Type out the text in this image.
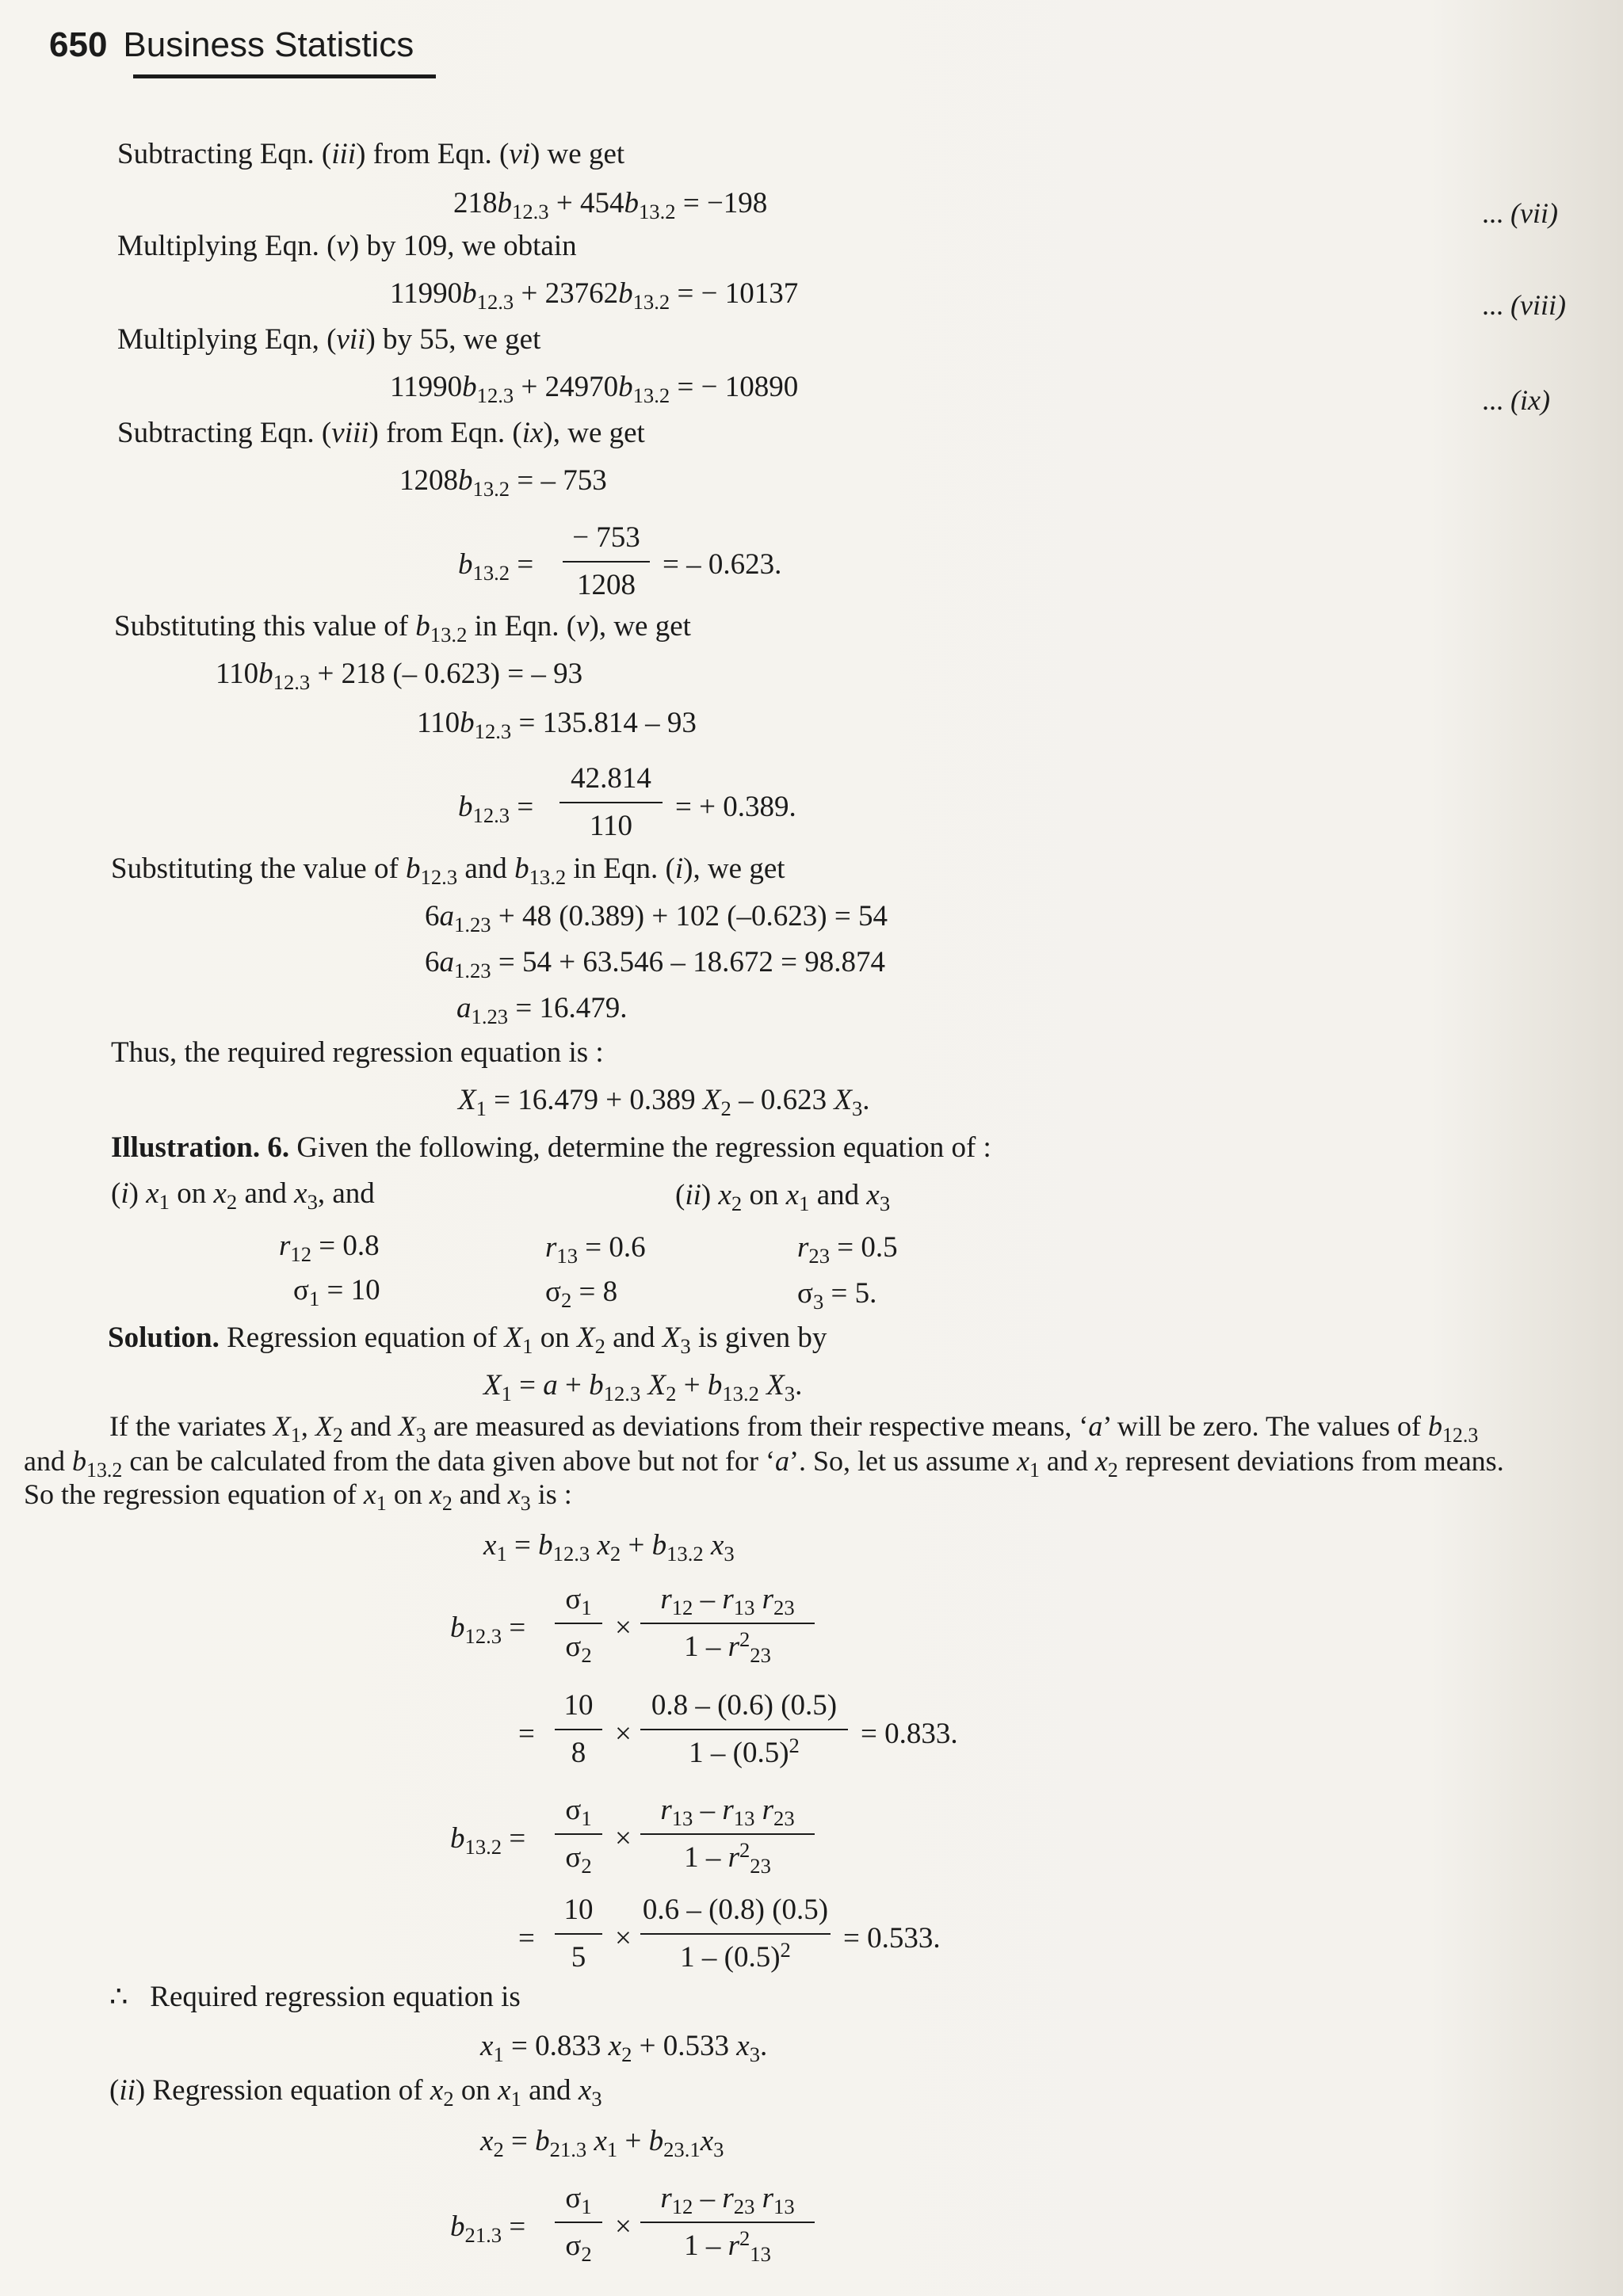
650 Business Statistics
Subtracting Eqn. (iii) from Eqn. (vi) we get
$218b_{12.3} + 454b_{13.2} = -198$	... (vii)
Multiplying Eqn. (v) by 109, we obtain
$11990b_{12.3} + 23762b_{13.2}$ = − 10137	... (viii)
Multiplying Eqn, (vii) by 55, we get
$11990b_{12.3} + 24970b_{13.2}$ = − 10890	... (ix)
Subtracting Eqn. (viii) from Eqn. (ix), we get
$1208b_{13.2}$ = – 753
$b_{13.2}$ =
− 753
1208
= – 0.623.
Substituting this value of $b_{13.2}$ in Eqn. (v), we get
$110b_{12.3} + 218$ (– 0.623) = – 93
$110b_{12.3} = 135.814 - 93$
$b_{12.3}$ =
42.814
110
= + 0.389.
Substituting the value of $b_{12.3}$ and $b_{13.2}$ in Eqn. (i), we get
$6a_{1.23} + 48$ (0.389) + 102 (–0.623) = 54
$6a_{1.23} = 54 + 63.546 - 18.672 = 98.874$
$a_{1.23} = 16.479$.
Thus, the required regression equation is :
$X_1 = 16.479 + 0.389$ $X_2 - 0.623$ $X_3$.
Illustration. 6. Given the following, determine the regression equation of :
(i) $x_1$ on $x_2$ and $x_3$, and	(ii) $x_2$ on $x_1$ and $x_3$
$r_{12} = 0.8$	$r_{13} = 0.6$	$r_{23} = 0.5$
$\sigma_1 = 10$	$\sigma_2 = 8$	$\sigma_3 = 5$.
Solution. Regression equation of $X_1$ on $X_2$ and $X_3$ is given by
$X_1 = a + b_{12.3}$ $X_2 + b_{13.2}$ $X_3$.
If the variates $X_1$, $X_2$ and $X_3$ are measured as deviations from their respective means, ‘a’ will be zero. The values of $b_{12.3}$
and $b_{13.2}$ can be calculated from the data given above but not for ‘a’. So, let us assume $x_1$ and $x_2$ represent deviations from means.
So the regression equation of $x_1$ on $x_2$ and $x_3$ is :
$x_1 = b_{12.3}$ $x_2 + b_{13.2}$ $x_3$
$b_{12.3}$ =
$\sigma_1$
$\sigma_2$
×
$r_{12} - r_{13}$ $r_{23}$
$1 - r^2_{23}$
=
10
8
×
0.8 – (0.6) (0.5)
$1 - (0.5)^2$	= 0.833.
$b_{13.2}$ =
$\sigma_1$
$\sigma_2$
×
$r_{13} - r_{13}$ $r_{23}$
$1 - r^2_{23}$
=
10
5
×
0.6 – (0.8) (0.5)
$1 - (0.5)^2$	= 0.533.
∴   Required regression equation is
$x_1 = 0.833$ $x_2 + 0.533$ $x_3$.
(ii) Regression equation of $x_2$ on $x_1$ and $x_3$
$x_2 = b_{21.3}$ $x_1 + b_{23.1}x_3$
$b_{21.3}$ =
$\sigma_1$
$\sigma_2$
×
$r_{12} - r_{23}$ $r_{13}$
$1 - r^2_{13}$
